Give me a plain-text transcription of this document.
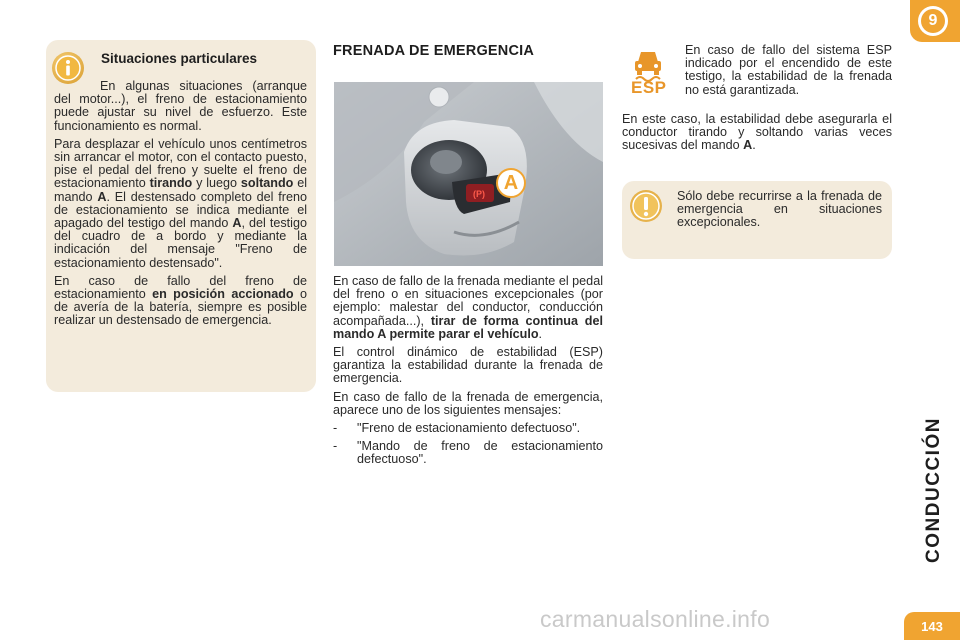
Situaciones particulares

En algunas situaciones (arranque del motor...), el freno de estacionamiento puede ajustar su nivel de esfuerzo. Este funcionamiento es normal.

Para desplazar el vehículo unos centímetros sin arrancar el motor, con el contacto puesto, pise el pedal del freno y suelte el freno de estacionamiento tirando y luego soltando el mando A. El destensado completo del freno de estacionamiento se indica mediante el apagado del testigo del mando A, del testigo del cuadro de a bordo y mediante la indicación del mensaje "Freno de estacionamiento destensado".

En caso de fallo del freno de estacionamiento en posición accionado o de avería de la batería, siempre es posible realizar un destensado de emergencia.

FRENADA DE EMERGENCIA
(P) A

En caso de fallo de la frenada mediante el pedal del freno o en situaciones excepcionales (por ejemplo: malestar del conductor, conducción acompañada...), tirar de forma continua del mando A permite parar el vehículo.

El control dinámico de estabilidad (ESP) garantiza la estabilidad durante la frenada de emergencia.

En caso de fallo de la frenada de emergencia, aparece uno de los siguientes mensajes:

-	"Freno de estacionamiento defectuoso".
-	"Mando de freno de estacionamiento defectuoso".
ESP

En caso de fallo del sistema ESP indicado por el encendido de este testigo, la estabilidad de la frenada no está garantizada.

En este caso, la estabilidad debe asegurarla el conductor tirando y soltando varias veces sucesivas del mando A.

Sólo debe recurrirse a la frenada de emergencia en situaciones excepcionales.

9
CONDUCCIÓN
carmanualsonline.info	143
